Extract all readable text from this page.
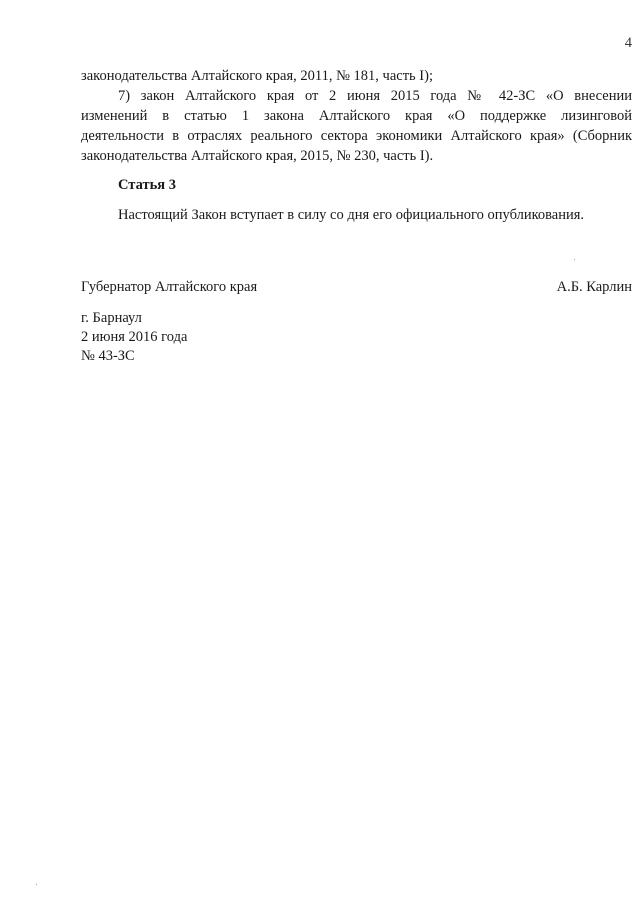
4
законодательства Алтайского края, 2011, № 181, часть I);
7) закон Алтайского края от 2 июня 2015 года № 42-ЗС «О внесении
изменений в статью 1 закона Алтайского края «О поддержке лизинговой
деятельности в отраслях реального сектора экономики Алтайского края» (Сборник
законодательства Алтайского края, 2015, № 230, часть I).
Статья 3
Настоящий Закон вступает в силу со дня его официального опубликования.
Губернатор Алтайского края	А.Б. Карлин
г. Барнаул
2 июня 2016 года
№ 43-ЗС
